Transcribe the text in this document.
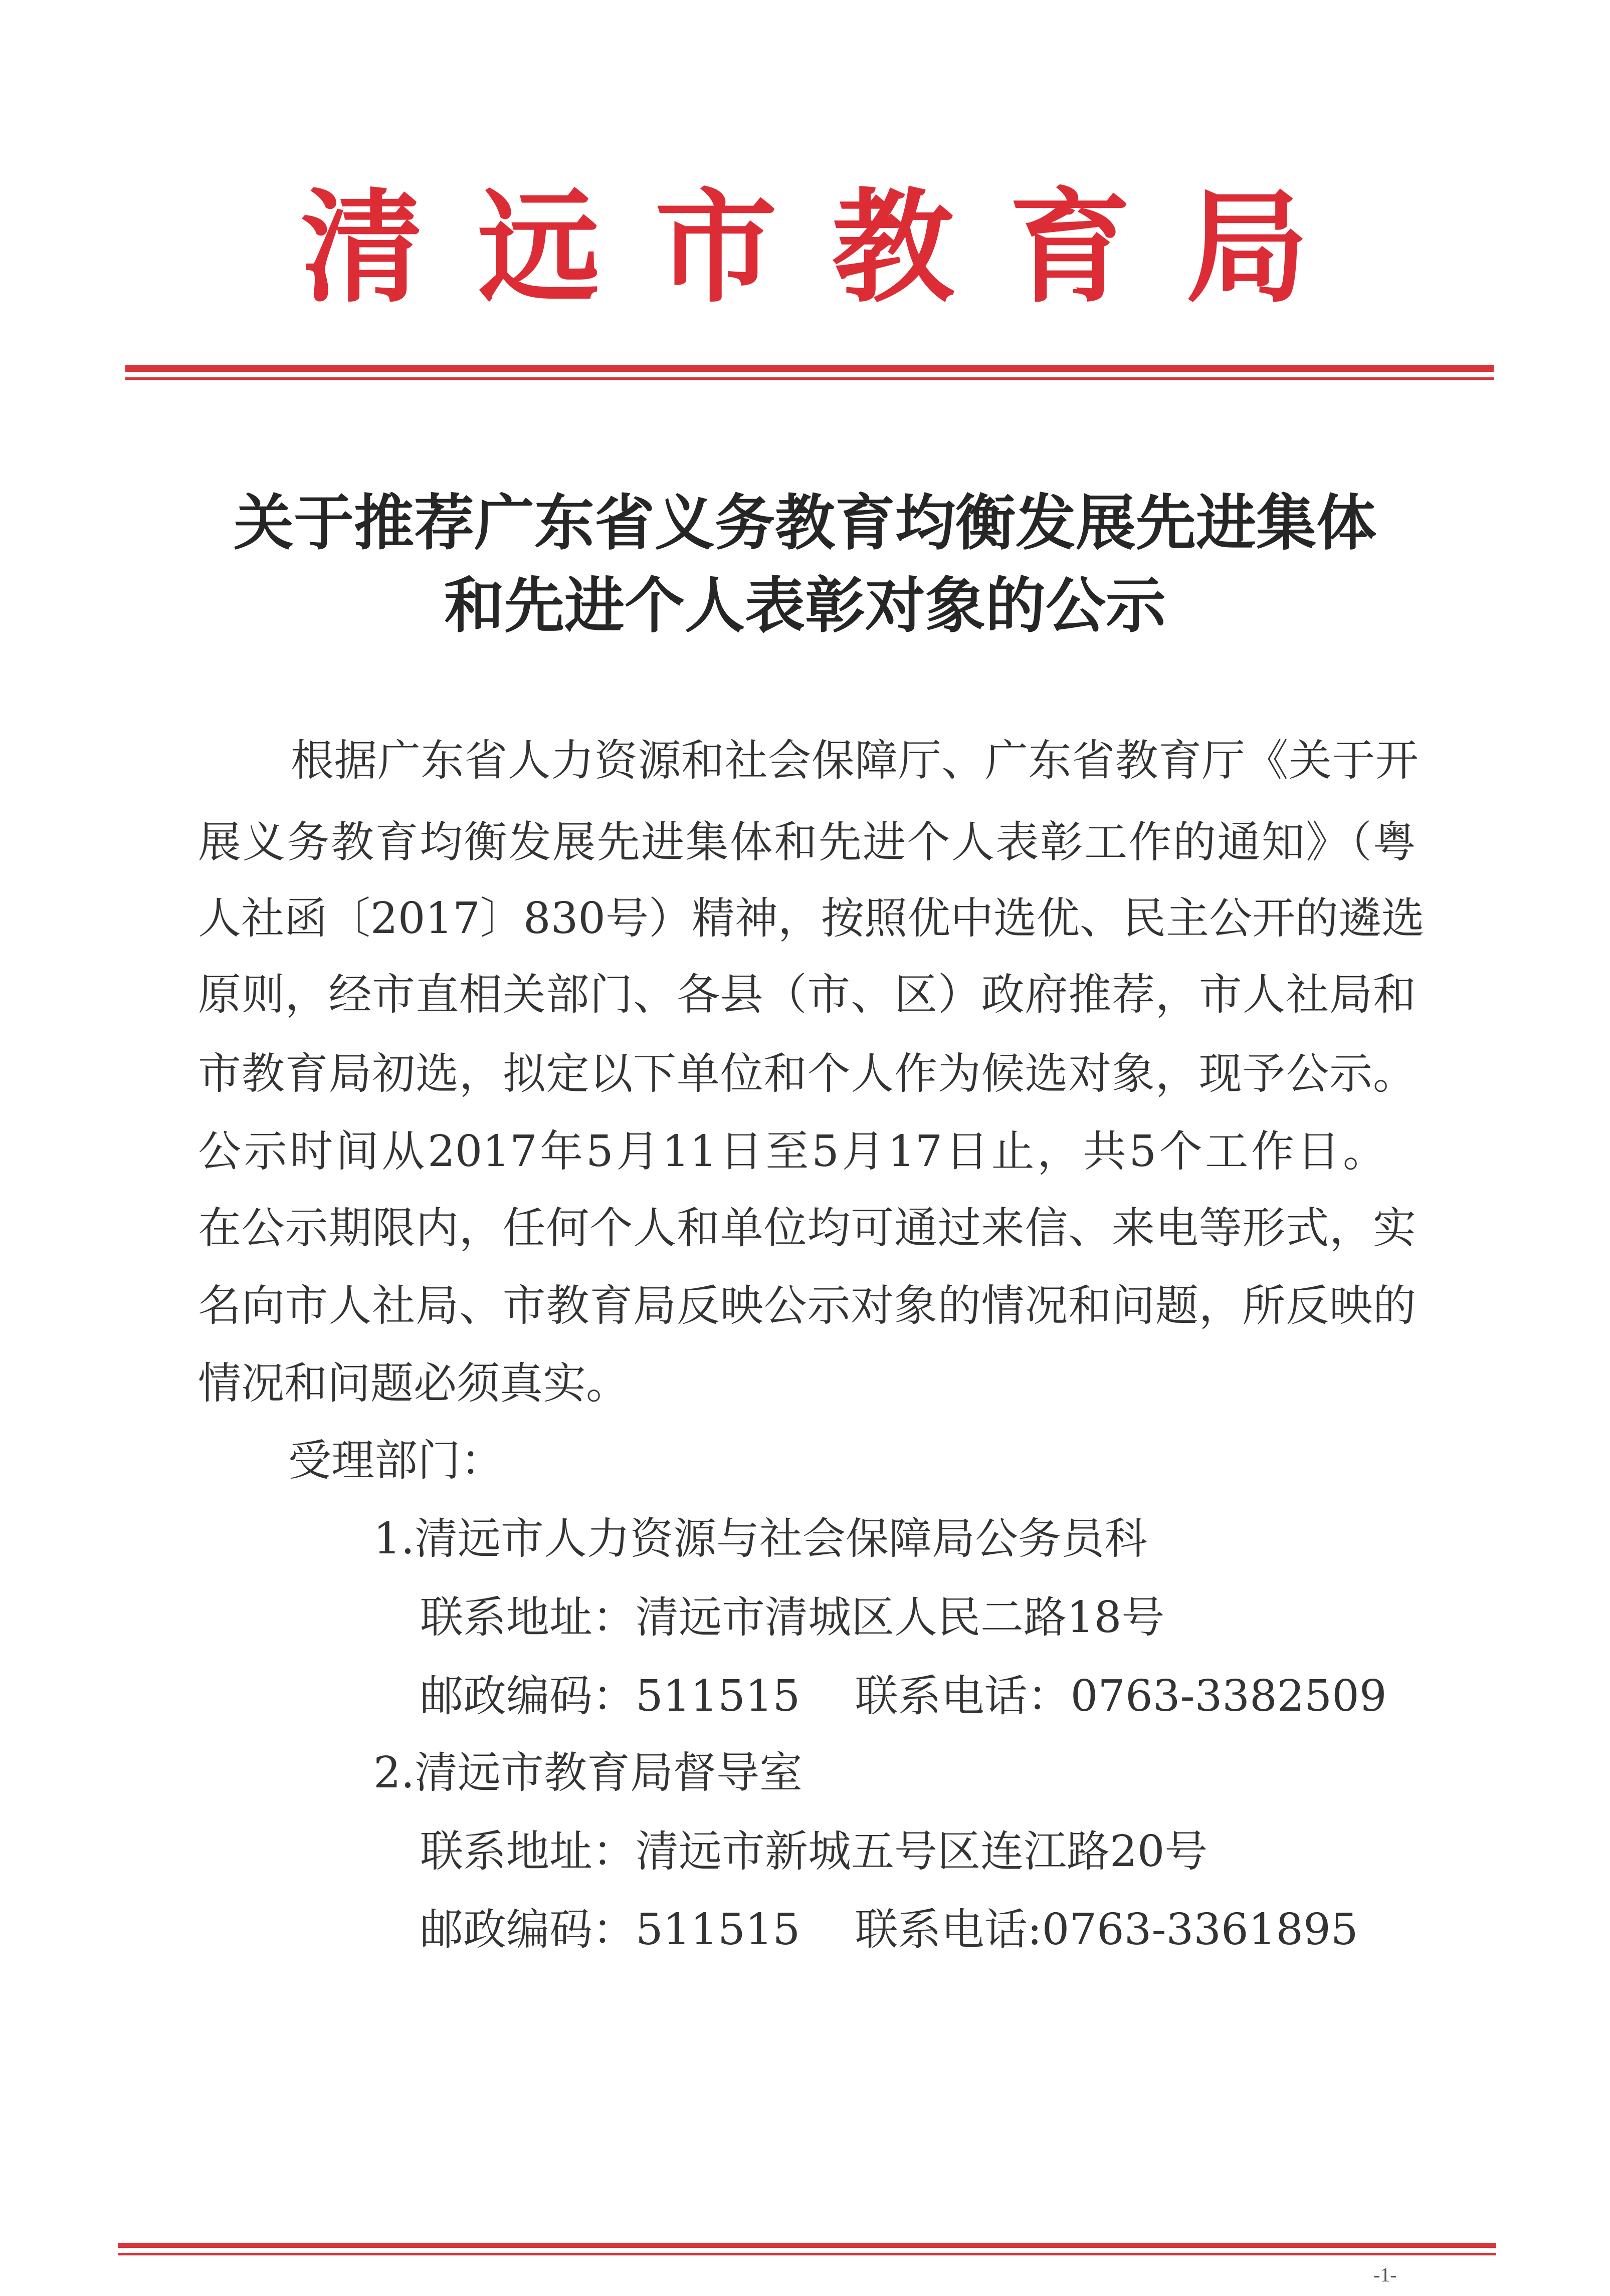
清 远 市 教 育 局
关于推荐广东省义务教育均衡发展先进集体
和先进个人表彰对象的公示
根据广东省人力资源和社会保障厅、广东省教育厅《关于开
展义务教育均衡发展先进集体和先进个人表彰工作的通知》（粤
人社函〔2017〕830号）精神，按照优中选优、民主公开的遴选
原则，经市直相关部门、各县（市、区）政府推荐，市人社局和
市教育局初选，拟定以下单位和个人作为候选对象，现予公示。
公示时间从2017年5月11日至5月17日止，共5个工作日。
在公示期限内，任何个人和单位均可通过来信、来电等形式，实
名向市人社局、市教育局反映公示对象的情况和问题，所反映的
情况和问题必须真实。
受理部门：
1.清远市人力资源与社会保障局公务员科
联系地址：清远市清城区人民二路18号
邮政编码：511515    联系电话：0763-3382509
2.清远市教育局督导室
联系地址：清远市新城五号区连江路20号
邮政编码：511515    联系电话:0763-3361895
-1-
